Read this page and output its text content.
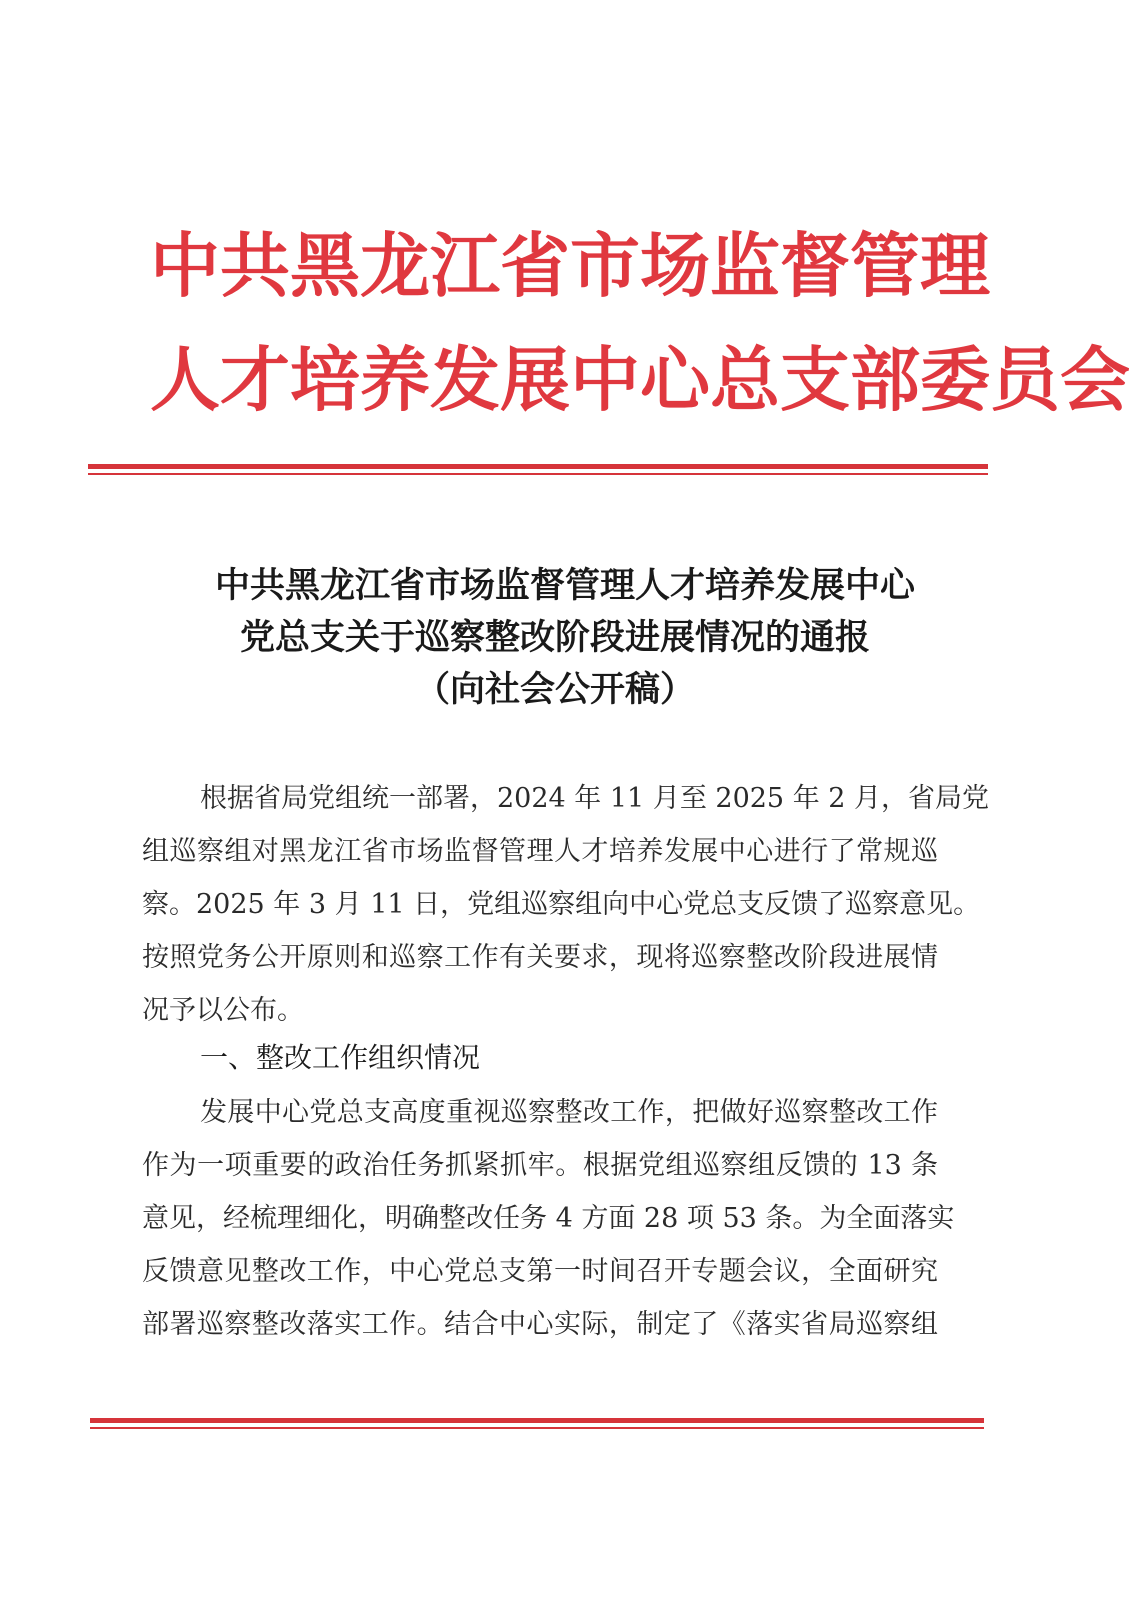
中共黑龙江省市场监督管理
人才培养发展中心总支部委员会
中共黑龙江省市场监督管理人才培养发展中心
党总支关于巡察整改阶段进展情况的通报
（向社会公开稿）
根据省局党组统一部署，2024 年 11 月至 2025 年 2 月，省局党
组巡察组对黑龙江省市场监督管理人才培养发展中心进行了常规巡
察。2025 年 3 月 11 日，党组巡察组向中心党总支反馈了巡察意见。
按照党务公开原则和巡察工作有关要求，现将巡察整改阶段进展情
况予以公布。
一、整改工作组织情况
发展中心党总支高度重视巡察整改工作，把做好巡察整改工作
作为一项重要的政治任务抓紧抓牢。根据党组巡察组反馈的 13 条
意见，经梳理细化，明确整改任务 4 方面 28 项 53 条。为全面落实
反馈意见整改工作，中心党总支第一时间召开专题会议，全面研究
部署巡察整改落实工作。结合中心实际，制定了《落实省局巡察组
